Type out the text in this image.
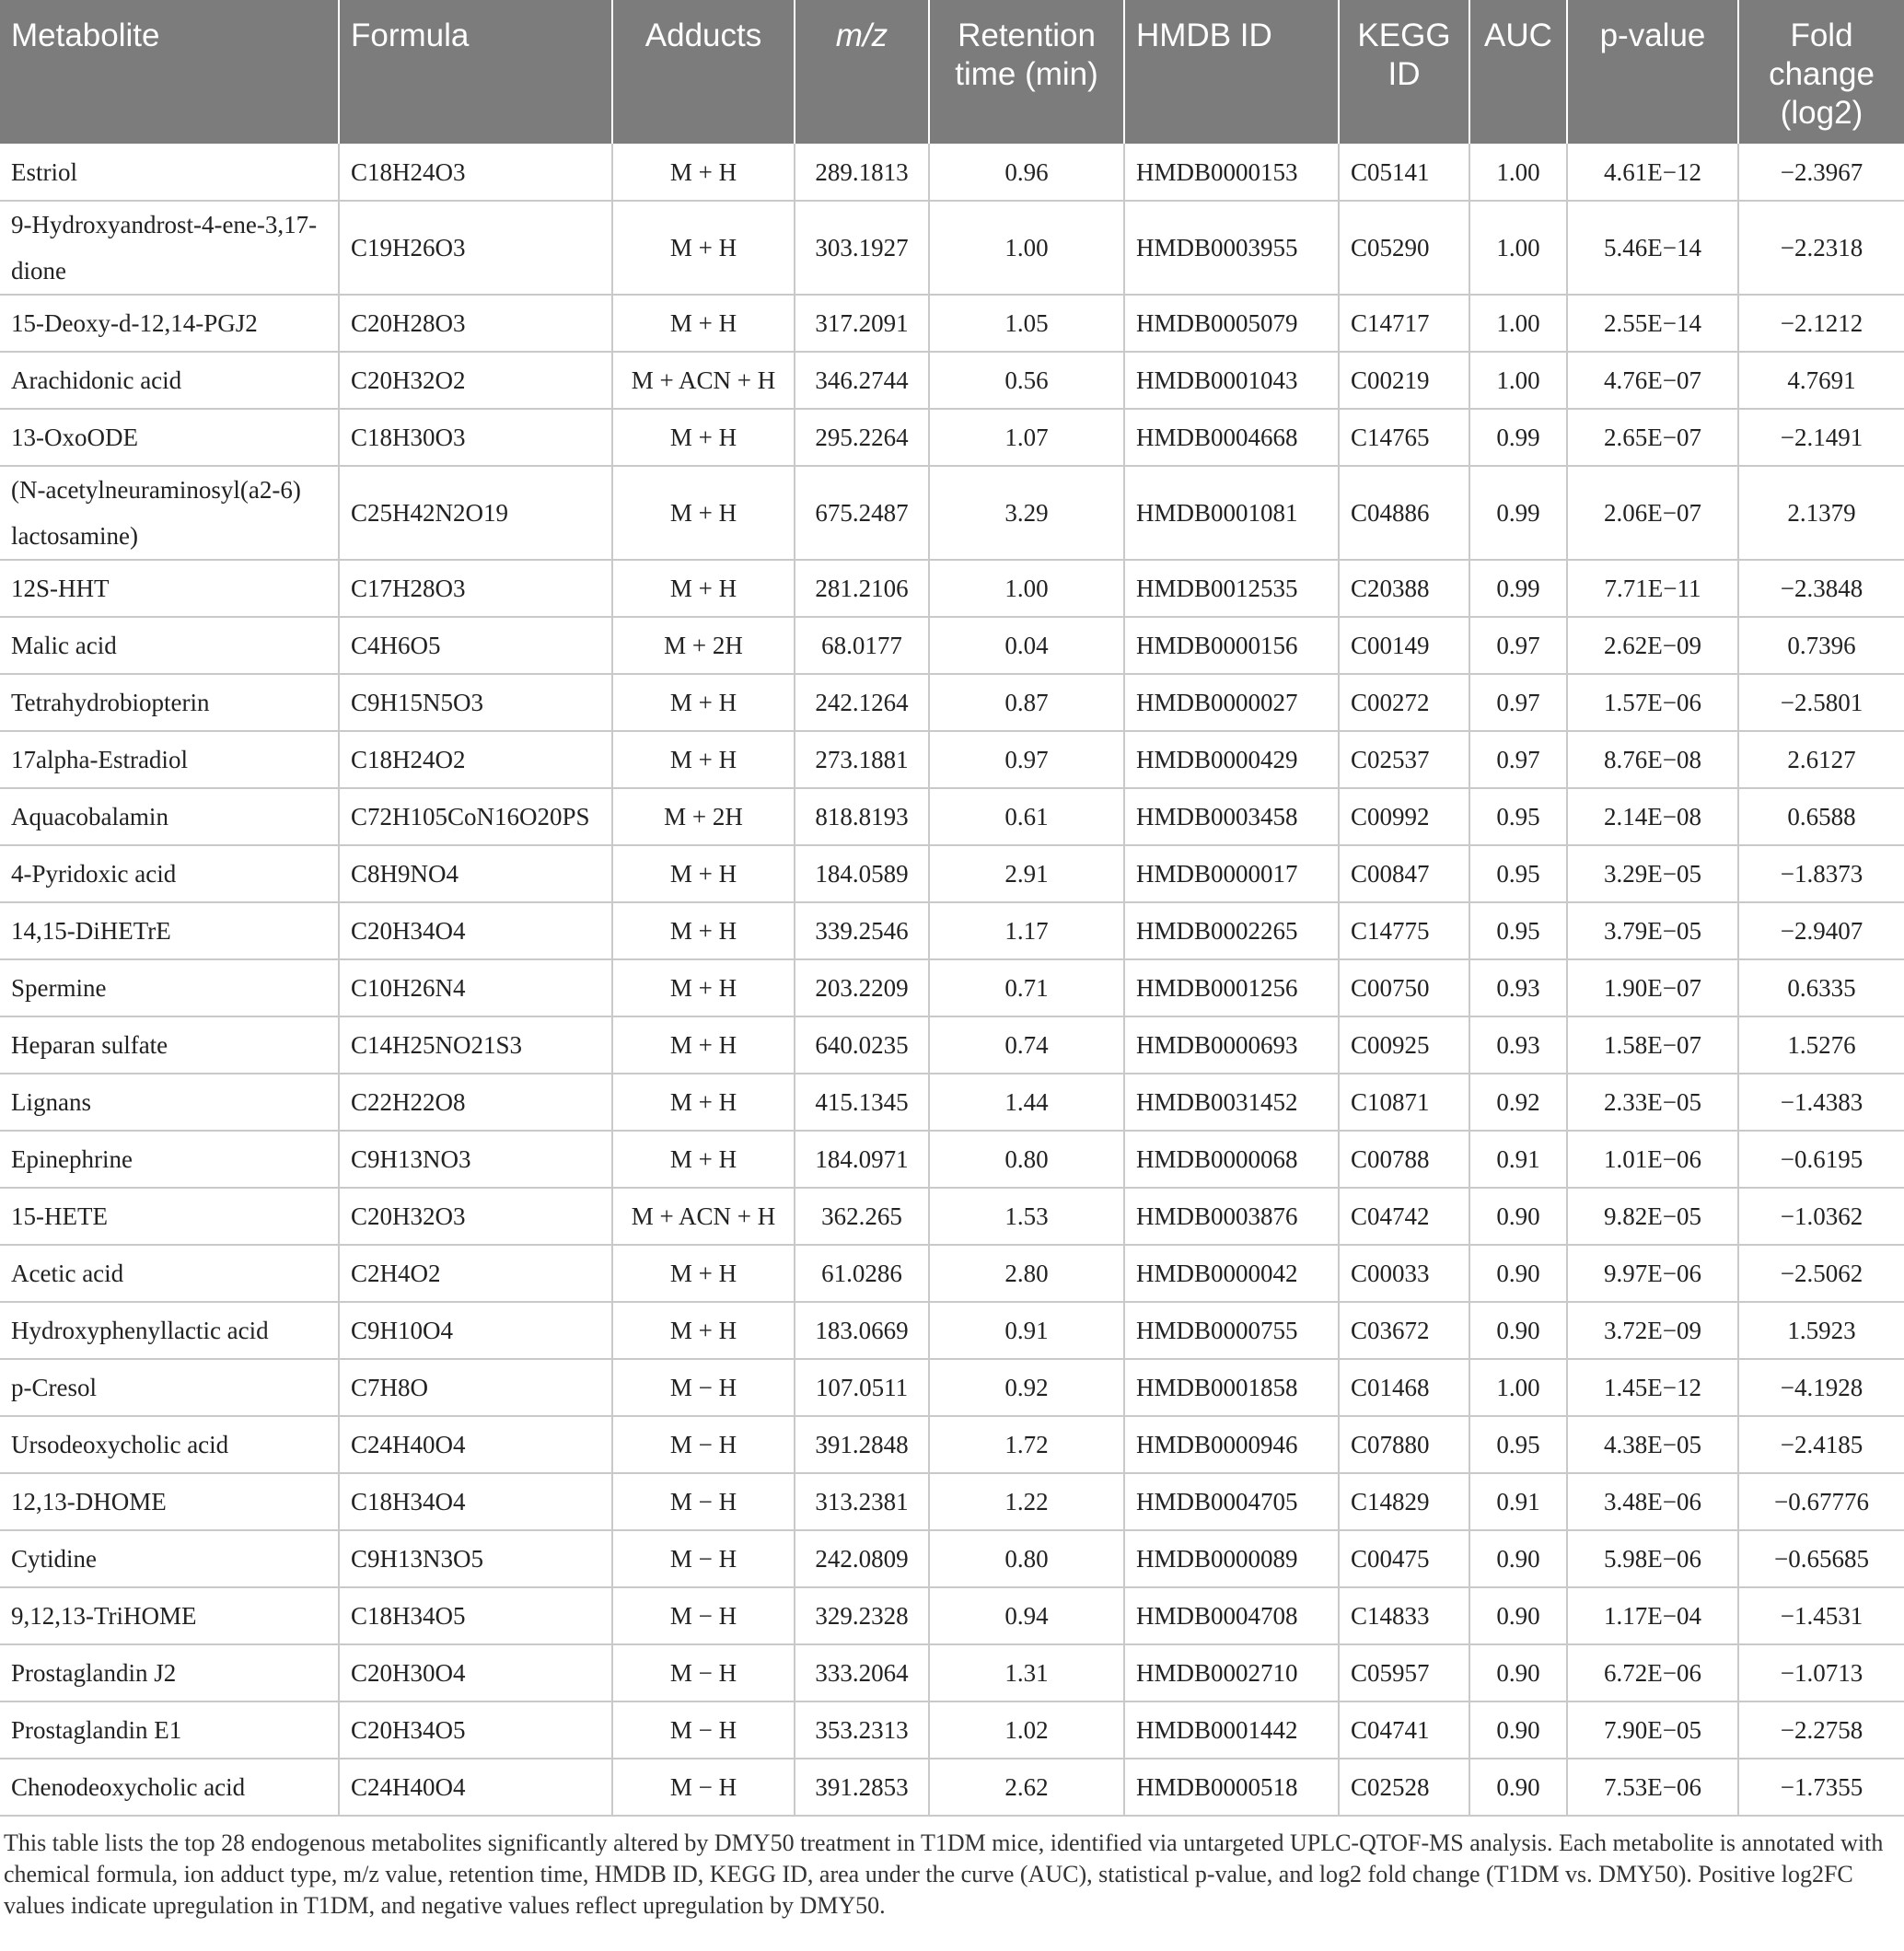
Metabolite	Formula	Adducts	m/z	Retention time (min)	HMDB ID	KEGG ID	AUC	p-value	Fold change (log2)
Estriol	C18H24O3	M + H	289.1813	0.96	HMDB0000153	C05141	1.00	4.61E−12	−2.3967
9-Hydroxyandrost-4-ene-3,17-dione	C19H26O3	M + H	303.1927	1.00	HMDB0003955	C05290	1.00	5.46E−14	−2.2318
15-Deoxy-d-12,14-PGJ2	C20H28O3	M + H	317.2091	1.05	HMDB0005079	C14717	1.00	2.55E−14	−2.1212
Arachidonic acid	C20H32O2	M + ACN + H	346.2744	0.56	HMDB0001043	C00219	1.00	4.76E−07	4.7691
13-OxoODE	C18H30O3	M + H	295.2264	1.07	HMDB0004668	C14765	0.99	2.65E−07	−2.1491
(N-acetylneuraminosyl(a2-6) lactosamine)	C25H42N2O19	M + H	675.2487	3.29	HMDB0001081	C04886	0.99	2.06E−07	2.1379
12S-HHT	C17H28O3	M + H	281.2106	1.00	HMDB0012535	C20388	0.99	7.71E−11	−2.3848
Malic acid	C4H6O5	M + 2H	68.0177	0.04	HMDB0000156	C00149	0.97	2.62E−09	0.7396
Tetrahydrobiopterin	C9H15N5O3	M + H	242.1264	0.87	HMDB0000027	C00272	0.97	1.57E−06	−2.5801
17alpha-Estradiol	C18H24O2	M + H	273.1881	0.97	HMDB0000429	C02537	0.97	8.76E−08	2.6127
Aquacobalamin	C72H105CoN16O20PS	M + 2H	818.8193	0.61	HMDB0003458	C00992	0.95	2.14E−08	0.6588
4-Pyridoxic acid	C8H9NO4	M + H	184.0589	2.91	HMDB0000017	C00847	0.95	3.29E−05	−1.8373
14,15-DiHETrE	C20H34O4	M + H	339.2546	1.17	HMDB0002265	C14775	0.95	3.79E−05	−2.9407
Spermine	C10H26N4	M + H	203.2209	0.71	HMDB0001256	C00750	0.93	1.90E−07	0.6335
Heparan sulfate	C14H25NO21S3	M + H	640.0235	0.74	HMDB0000693	C00925	0.93	1.58E−07	1.5276
Lignans	C22H22O8	M + H	415.1345	1.44	HMDB0031452	C10871	0.92	2.33E−05	−1.4383
Epinephrine	C9H13NO3	M + H	184.0971	0.80	HMDB0000068	C00788	0.91	1.01E−06	−0.6195
15-HETE	C20H32O3	M + ACN + H	362.265	1.53	HMDB0003876	C04742	0.90	9.82E−05	−1.0362
Acetic acid	C2H4O2	M + H	61.0286	2.80	HMDB0000042	C00033	0.90	9.97E−06	−2.5062
Hydroxyphenyllactic acid	C9H10O4	M + H	183.0669	0.91	HMDB0000755	C03672	0.90	3.72E−09	1.5923
p-Cresol	C7H8O	M − H	107.0511	0.92	HMDB0001858	C01468	1.00	1.45E−12	−4.1928
Ursodeoxycholic acid	C24H40O4	M − H	391.2848	1.72	HMDB0000946	C07880	0.95	4.38E−05	−2.4185
12,13-DHOME	C18H34O4	M − H	313.2381	1.22	HMDB0004705	C14829	0.91	3.48E−06	−0.67776
Cytidine	C9H13N3O5	M − H	242.0809	0.80	HMDB0000089	C00475	0.90	5.98E−06	−0.65685
9,12,13-TriHOME	C18H34O5	M − H	329.2328	0.94	HMDB0004708	C14833	0.90	1.17E−04	−1.4531
Prostaglandin J2	C20H30O4	M − H	333.2064	1.31	HMDB0002710	C05957	0.90	6.72E−06	−1.0713
Prostaglandin E1	C20H34O5	M − H	353.2313	1.02	HMDB0001442	C04741	0.90	7.90E−05	−2.2758
Chenodeoxycholic acid	C24H40O4	M − H	391.2853	2.62	HMDB0000518	C02528	0.90	7.53E−06	−1.7355
This table lists the top 28 endogenous metabolites significantly altered by DMY50 treatment in T1DM mice, identified via untargeted UPLC-QTOF-MS analysis. Each metabolite is annotated with chemical formula, ion adduct type, m/z value, retention time, HMDB ID, KEGG ID, area under the curve (AUC), statistical p-value, and log2 fold change (T1DM vs. DMY50). Positive log2FC values indicate upregulation in T1DM, and negative values reflect upregulation by DMY50.
